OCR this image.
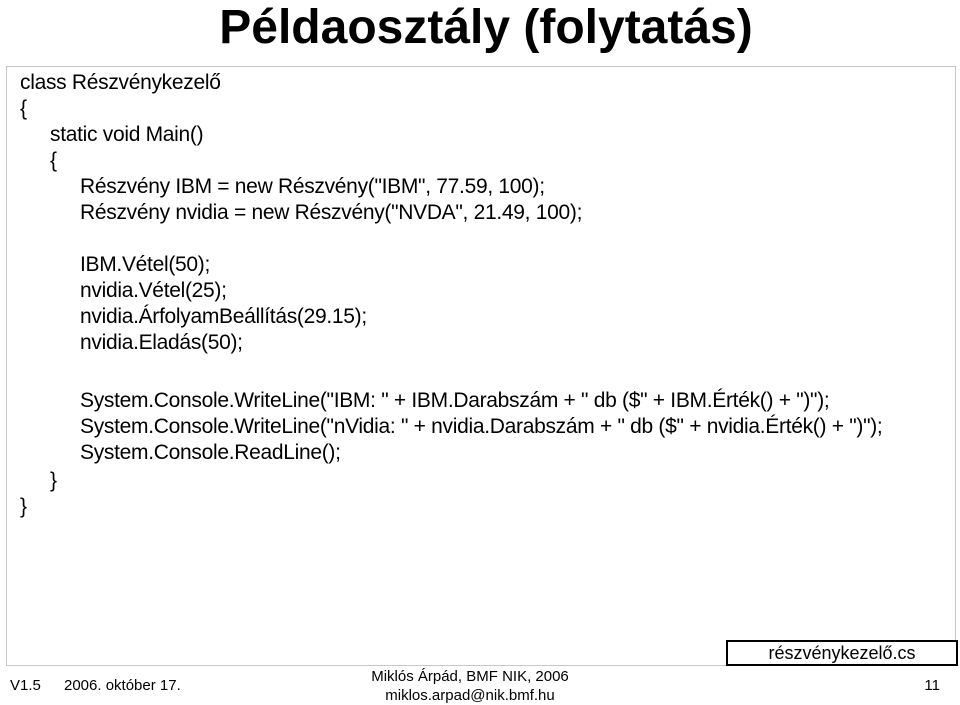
Példaosztály (folytatás)
class Részvénykezelő
{
static void Main()
{
Részvény IBM = new Részvény("IBM", 77.59, 100);
Részvény nvidia = new Részvény("NVDA", 21.49, 100);
IBM.Vétel(50);
nvidia.Vétel(25);
nvidia.ÁrfolyamBeállítás(29.15);
nvidia.Eladás(50);
System.Console.WriteLine("IBM: " + IBM.Darabszám + " db ($" + IBM.Érték() + ")");
System.Console.WriteLine("nVidia: " + nvidia.Darabszám + " db ($" + nvidia.Érték() + ")");
System.Console.ReadLine();
}
}
részvénykezelő.cs
V1.5 2006. október 17.
Miklós Árpád, BMF NIK, 2006
miklos.arpad@nik.bmf.hu
11
